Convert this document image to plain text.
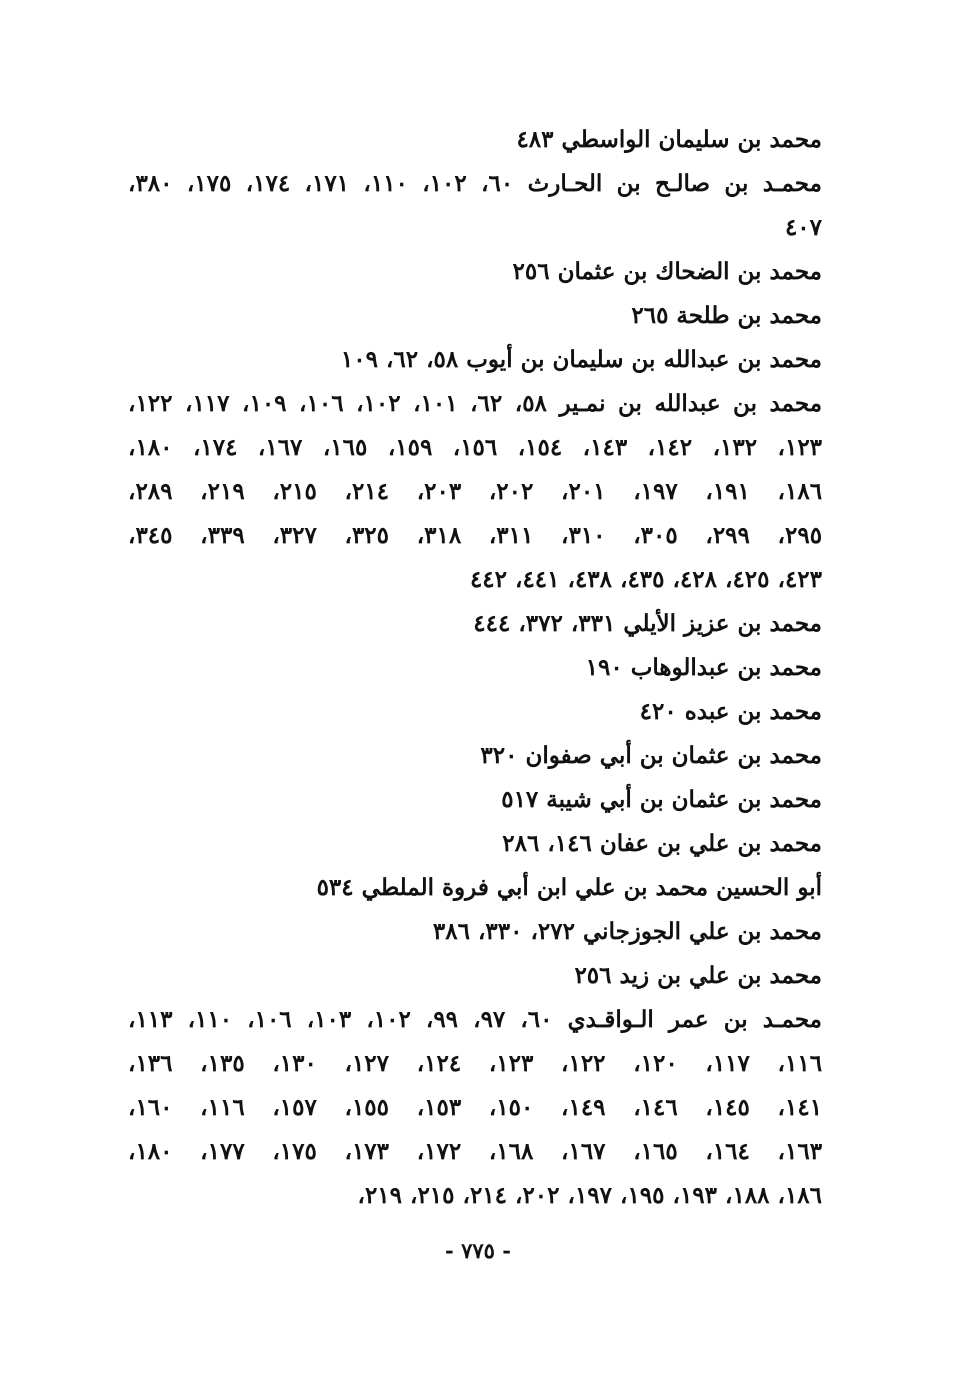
محمد بن سليمان الواسطي ٤٨٣
محمـد بن صالـح بن الحـارث ٦٠، ١٠٢، ١١٠، ١٧١، ١٧٤، ١٧٥، ٣٨٠،
٤٠٧
محمد بن الضحاك بن عثمان ٢٥٦
محمد بن طلحة ٢٦٥
محمد بن عبدالله بن سليمان بن أيوب ٥٨، ٦٢، ١٠٩
محمد بن عبدالله بن نمـير ٥٨، ٦٢، ١٠١، ١٠٢، ١٠٦، ١٠٩، ١١٧، ١٢٢،
١٢٣، ١٣٢، ١٤٢، ١٤٣، ١٥٤، ١٥٦، ١٥٩، ١٦٥، ١٦٧، ١٧٤، ١٨٠،
١٨٦، ١٩١، ١٩٧، ٢٠١، ٢٠٢، ٢٠٣، ٢١٤، ٢١٥، ٢١٩، ٢٨٩،
٢٩٥، ٢٩٩، ٣٠٥، ٣١٠، ٣١١، ٣١٨، ٣٢٥، ٣٢٧، ٣٣٩، ٣٤٥،
٤٢٣، ٤٢٥، ٤٢٨، ٤٣٥، ٤٣٨، ٤٤١، ٤٤٢
محمد بن عزيز الأيلي ٣٣١، ٣٧٢، ٤٤٤
محمد بن عبدالوهاب ١٩٠
محمد بن عبده ٤٢٠
محمد بن عثمان بن أبي صفوان ٣٢٠
محمد بن عثمان بن أبي شيبة ٥١٧
محمد بن علي بن عفان ١٤٦، ٢٨٦
أبو الحسين محمد بن علي ابن أبي فروة الملطي ٥٣٤
محمد بن علي الجوزجاني ٢٧٢، ٣٣٠، ٣٨٦
محمد بن علي بن زيد ٢٥٦
محمـد بن عمر الـواقـدي ٦٠، ٩٧، ٩٩، ١٠٢، ١٠٣، ١٠٦، ١١٠، ١١٣،
١١٦، ١١٧، ١٢٠، ١٢٢، ١٢٣، ١٢٤، ١٢٧، ١٣٠، ١٣٥، ١٣٦،
١٤١، ١٤٥، ١٤٦، ١٤٩، ١٥٠، ١٥٣، ١٥٥، ١٥٧، ١١٦، ١٦٠،
١٦٣، ١٦٤، ١٦٥، ١٦٧، ١٦٨، ١٧٢، ١٧٣، ١٧٥، ١٧٧، ١٨٠،
١٨٦، ١٨٨، ١٩٣، ١٩٥، ١٩٧، ٢٠٢، ٢١٤، ٢١٥، ٢١٩،
- ٧٧٥ -
